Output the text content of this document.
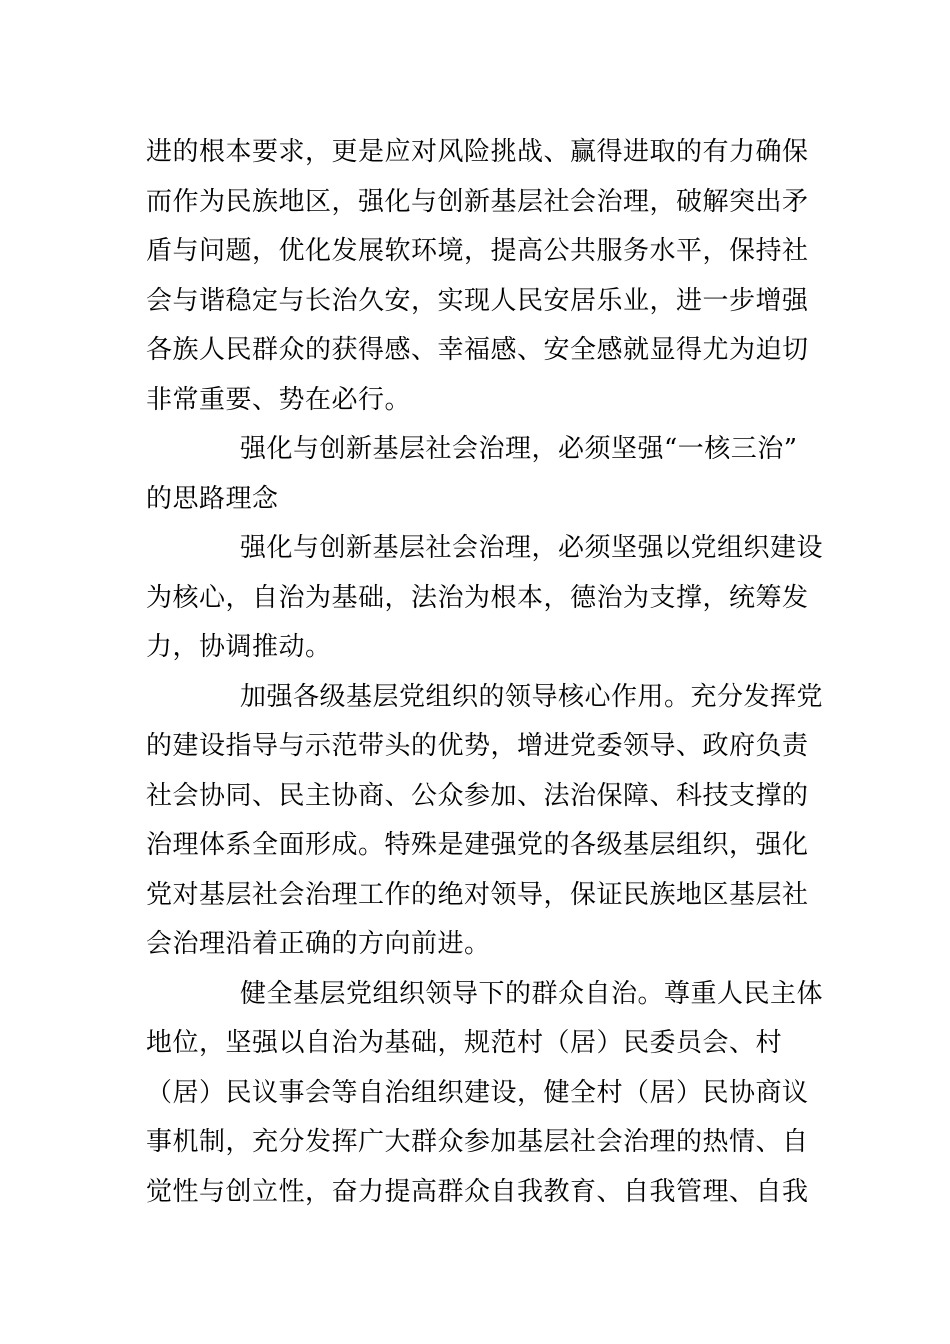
进的根本要求，更是应对风险挑战、赢得进取的有力确保
而作为民族地区，强化与创新基层社会治理，破解突出矛
盾与问题，优化发展软环境，提高公共服务水平，保持社
会与谐稳定与长治久安，实现人民安居乐业，进一步增强
各族人民群众的获得感、幸福感、安全感就显得尤为迫切
非常重要、势在必行。
强化与创新基层社会治理，必须坚强“一核三治”
的思路理念
强化与创新基层社会治理，必须坚强以党组织建设
为核心，自治为基础，法治为根本，德治为支撑，统筹发
力，协调推动。
加强各级基层党组织的领导核心作用。充分发挥党
的建设指导与示范带头的优势，增进党委领导、政府负责
社会协同、民主协商、公众参加、法治保障、科技支撑的
治理体系全面形成。特殊是建强党的各级基层组织，强化
党对基层社会治理工作的绝对领导，保证民族地区基层社
会治理沿着正确的方向前进。
健全基层党组织领导下的群众自治。尊重人民主体
地位，坚强以自治为基础，规范村（居）民委员会、村
（居）民议事会等自治组织建设，健全村（居）民协商议
事机制，充分发挥广大群众参加基层社会治理的热情、自
觉性与创立性，奋力提高群众自我教育、自我管理、自我
